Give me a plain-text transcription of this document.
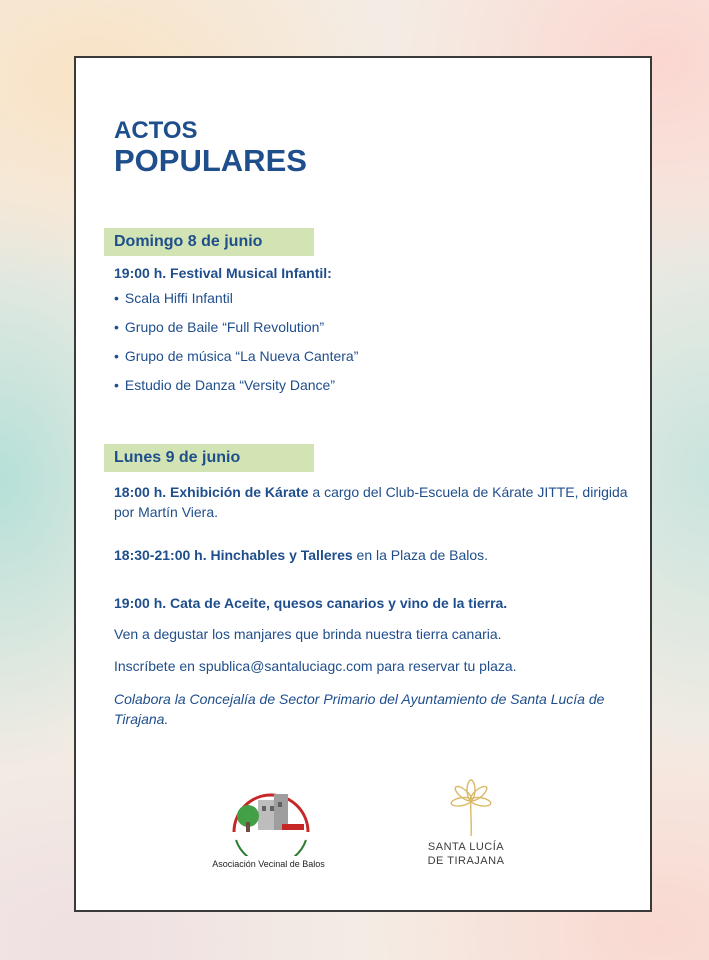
ACTOS
POPULARES
Domingo 8 de junio
19:00 h. Festival Musical Infantil:
• Scala Hiffi Infantil
• Grupo de Baile “Full Revolution”
• Grupo de música “La Nueva Cantera”
• Estudio de Danza “Versity Dance”
Lunes 9 de junio
18:00 h. Exhibición de Kárate a cargo del Club-Escuela de Kárate JITTE, dirigida por Martín Viera.
18:30-21:00 h. Hinchables y Talleres en la Plaza de Balos.
19:00 h. Cata de Aceite, quesos canarios y vino de la tierra.
Ven a degustar los manjares que brinda nuestra tierra canaria.
Inscríbete en spublica@santaluciagc.com para reservar tu plaza.
Colabora la Concejalía de Sector Primario del Ayuntamiento de Santa Lucía de Tirajana.
Asociación Vecinal de Balos
SANTA LUCÍA
DE TIRAJANA
